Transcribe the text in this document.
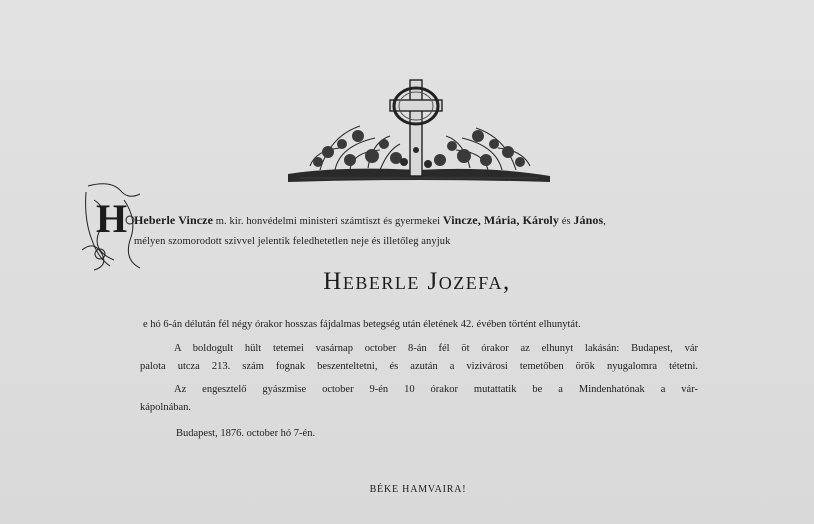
H Heberle Vincze m. kir. honvédelmi ministeri számtiszt és gyermekei Vincze, Mária, Károly és János,
mélyen szomorodott szivvel jelentik feledhetetlen neje és illetőleg anyjuk
Heberle Jozefa,
e hó 6-án délután fél négy órakor hosszas fájdalmas betegség után életének 42. évében történt elhunytát.
A boldogult hült tetemei vasárnap october 8-án fél öt órakor az elhunyt lakásán: Budapest, vár
palota utcza 213. szám fognak beszenteltetni, és azután a vizivárosi temetőben örök nyugalomra tétetni.
Az engesztelő gyászmise october 9-én 10 órakor mutattatik be a Mindenhatónak a vár-
kápolnában.
Budapest, 1876. october hó 7-én.
BÉKE HAMVAIRA!
